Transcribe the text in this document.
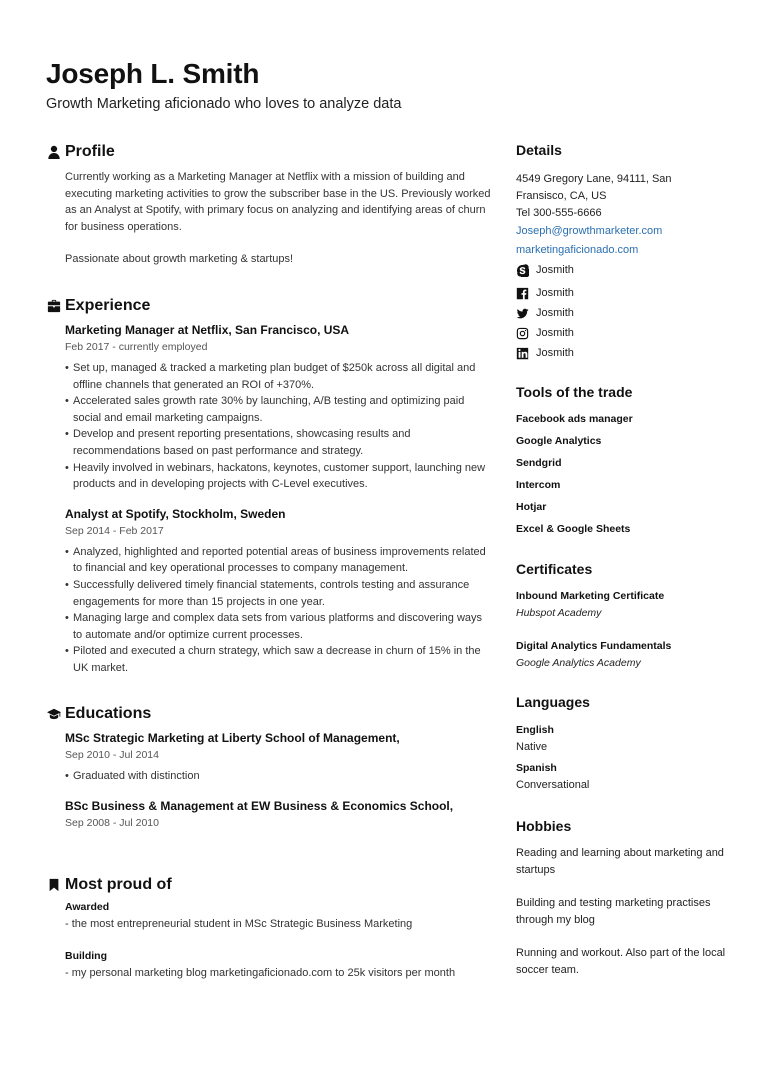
Joseph L. Smith
Growth Marketing aficionado who loves to analyze data
Profile

Currently working as a Marketing Manager at Netflix with a mission of building and executing marketing activities to grow the subscriber base in the US. Previously worked as an Analyst at Spotify, with primary focus on analyzing and identifying areas of churn for business operations.

Passionate about growth marketing & startups!

Experience
Marketing Manager at Netflix, San Francisco, USA
Feb 2017 - currently employed
• Set up, managed & tracked a marketing plan budget of $250k across all digital and offline channels that generated an ROI of +370%.
• Accelerated sales growth rate 30% by launching, A/B testing and optimizing paid social and email marketing campaigns.
• Develop and present reporting presentations, showcasing results and recommendations based on past performance and strategy.
• Heavily involved in webinars, hackatons, keynotes, customer support, launching new products and in developing projects with C-Level executives.
Analyst at Spotify, Stockholm, Sweden
Sep 2014 - Feb 2017
• Analyzed, highlighted and reported potential areas of business improvements related to financial and key operational processes to company management.
• Successfully delivered timely financial statements, controls testing and assurance engagements for more than 15 projects in one year.
• Managing large and complex data sets from various platforms and discovering ways to automate and/or optimize current processes.
• Piloted and executed a churn strategy, which saw a decrease in churn of 15% in the UK market.
Educations
MSc Strategic Marketing at Liberty School of Management,
Sep 2010 - Jul 2014
• Graduated with distinction
BSc Business & Management at EW Business & Economics School,
Sep 2008 - Jul 2010
Most proud of
Awarded
- the most entrepreneurial student in MSc Strategic Business Marketing
Building
- my personal marketing blog marketingaficionado.com to 25k visitors per month
Details
4549 Gregory Lane, 94111, San
Fransisco, CA, US
Tel 300-555-6666
Joseph@growthmarketer.com
marketingaficionado.com
Josmith
Josmith
Josmith
Josmith
Josmith
Tools of the trade
Facebook ads manager
Google Analytics
Sendgrid
Intercom
Hotjar
Excel & Google Sheets
Certificates
Inbound Marketing Certificate
Hubspot Academy
Digital Analytics Fundamentals
Google Analytics Academy
Languages
English
Native
Spanish
Conversational
Hobbies
Reading and learning about marketing and startups
Building and testing marketing practises through my blog
Running and workout. Also part of the local soccer team.
